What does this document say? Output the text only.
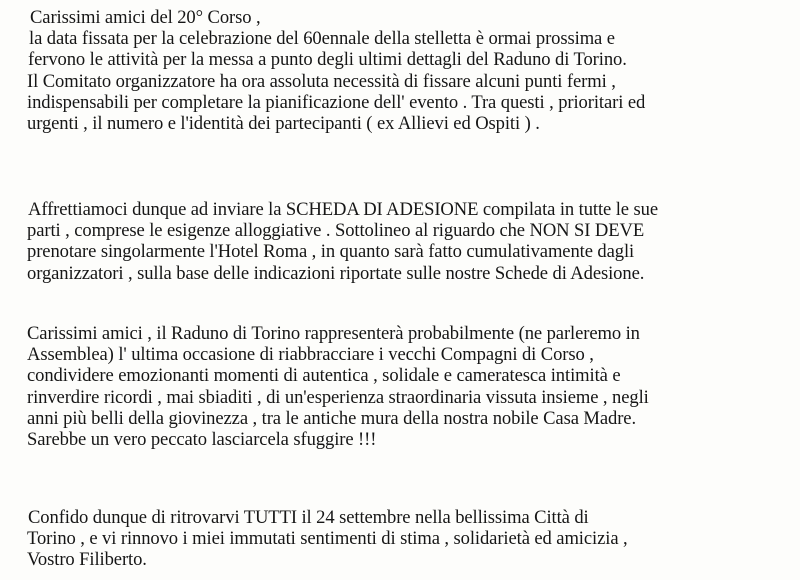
Carissimi amici del 20° Corso ,
la data fissata per la celebrazione del 60ennale della stelletta è ormai prossima e
fervono le attività per la messa a punto degli ultimi dettagli del Raduno di Torino.
Il Comitato organizzatore ha ora assoluta necessità di fissare alcuni punti fermi ,
indispensabili per completare la pianificazione dell' evento . Tra questi , prioritari ed
urgenti , il numero e l'identità dei partecipanti ( ex Allievi ed Ospiti ) .

Affrettiamoci dunque ad inviare la SCHEDA DI ADESIONE compilata in tutte le sue
parti , comprese le esigenze alloggiative . Sottolineo al riguardo che NON SI DEVE
prenotare singolarmente l'Hotel Roma , in quanto sarà fatto cumulativamente dagli
organizzatori , sulla base delle indicazioni riportate sulle nostre Schede di Adesione.

Carissimi amici , il Raduno di Torino rappresenterà probabilmente (ne parleremo in
Assemblea) l' ultima occasione di riabbracciare i vecchi Compagni di Corso ,
condividere emozionanti momenti di autentica , solidale e cameratesca intimità e
rinverdire ricordi , mai sbiaditi , di un'esperienza straordinaria vissuta insieme , negli
anni più belli della giovinezza , tra le antiche mura della nostra nobile Casa Madre.
Sarebbe un vero peccato lasciarcela sfuggire !!!

Confido dunque di ritrovarvi TUTTI il 24 settembre nella bellissima Città di
Torino , e vi rinnovo i miei immutati sentimenti di stima , solidarietà ed amicizia ,
Vostro Filiberto.
